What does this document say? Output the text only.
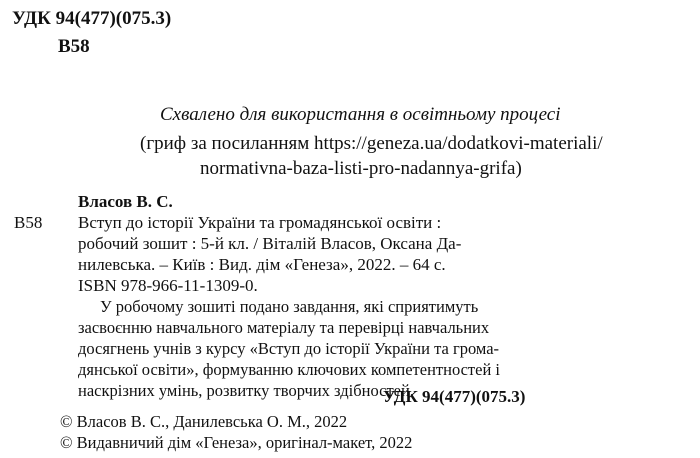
УДК 94(477)(075.3)
В58
Схвалено для використання в освітньому процесі
(гриф за посиланням https://geneza.ua/dodatkovi-materiali/
normativna-baza-listi-pro-nadannya-grifa)
Власов В. С.
В58 Вступ до історії України та громадянської освіти :
робочий зошит : 5-й кл. / Віталій Власов, Оксана Да-
нилевська. – Київ : Вид. дім «Генеза», 2022. – 64 с.
ISBN 978-966-11-1309-0.
У робочому зошиті подано завдання, які сприятимуть
засвоєнню навчального матеріалу та перевірці навчальних
досягнень учнів з курсу «Вступ до історії України та грома-
дянської освіти», формуванню ключових компетентностей і
наскрізних умінь, розвитку творчих здібностей.
УДК 94(477)(075.3)
© Власов В. С., Данилевська О. М., 2022
© Видавничий дім «Генеза», оригінал-макет, 2022
